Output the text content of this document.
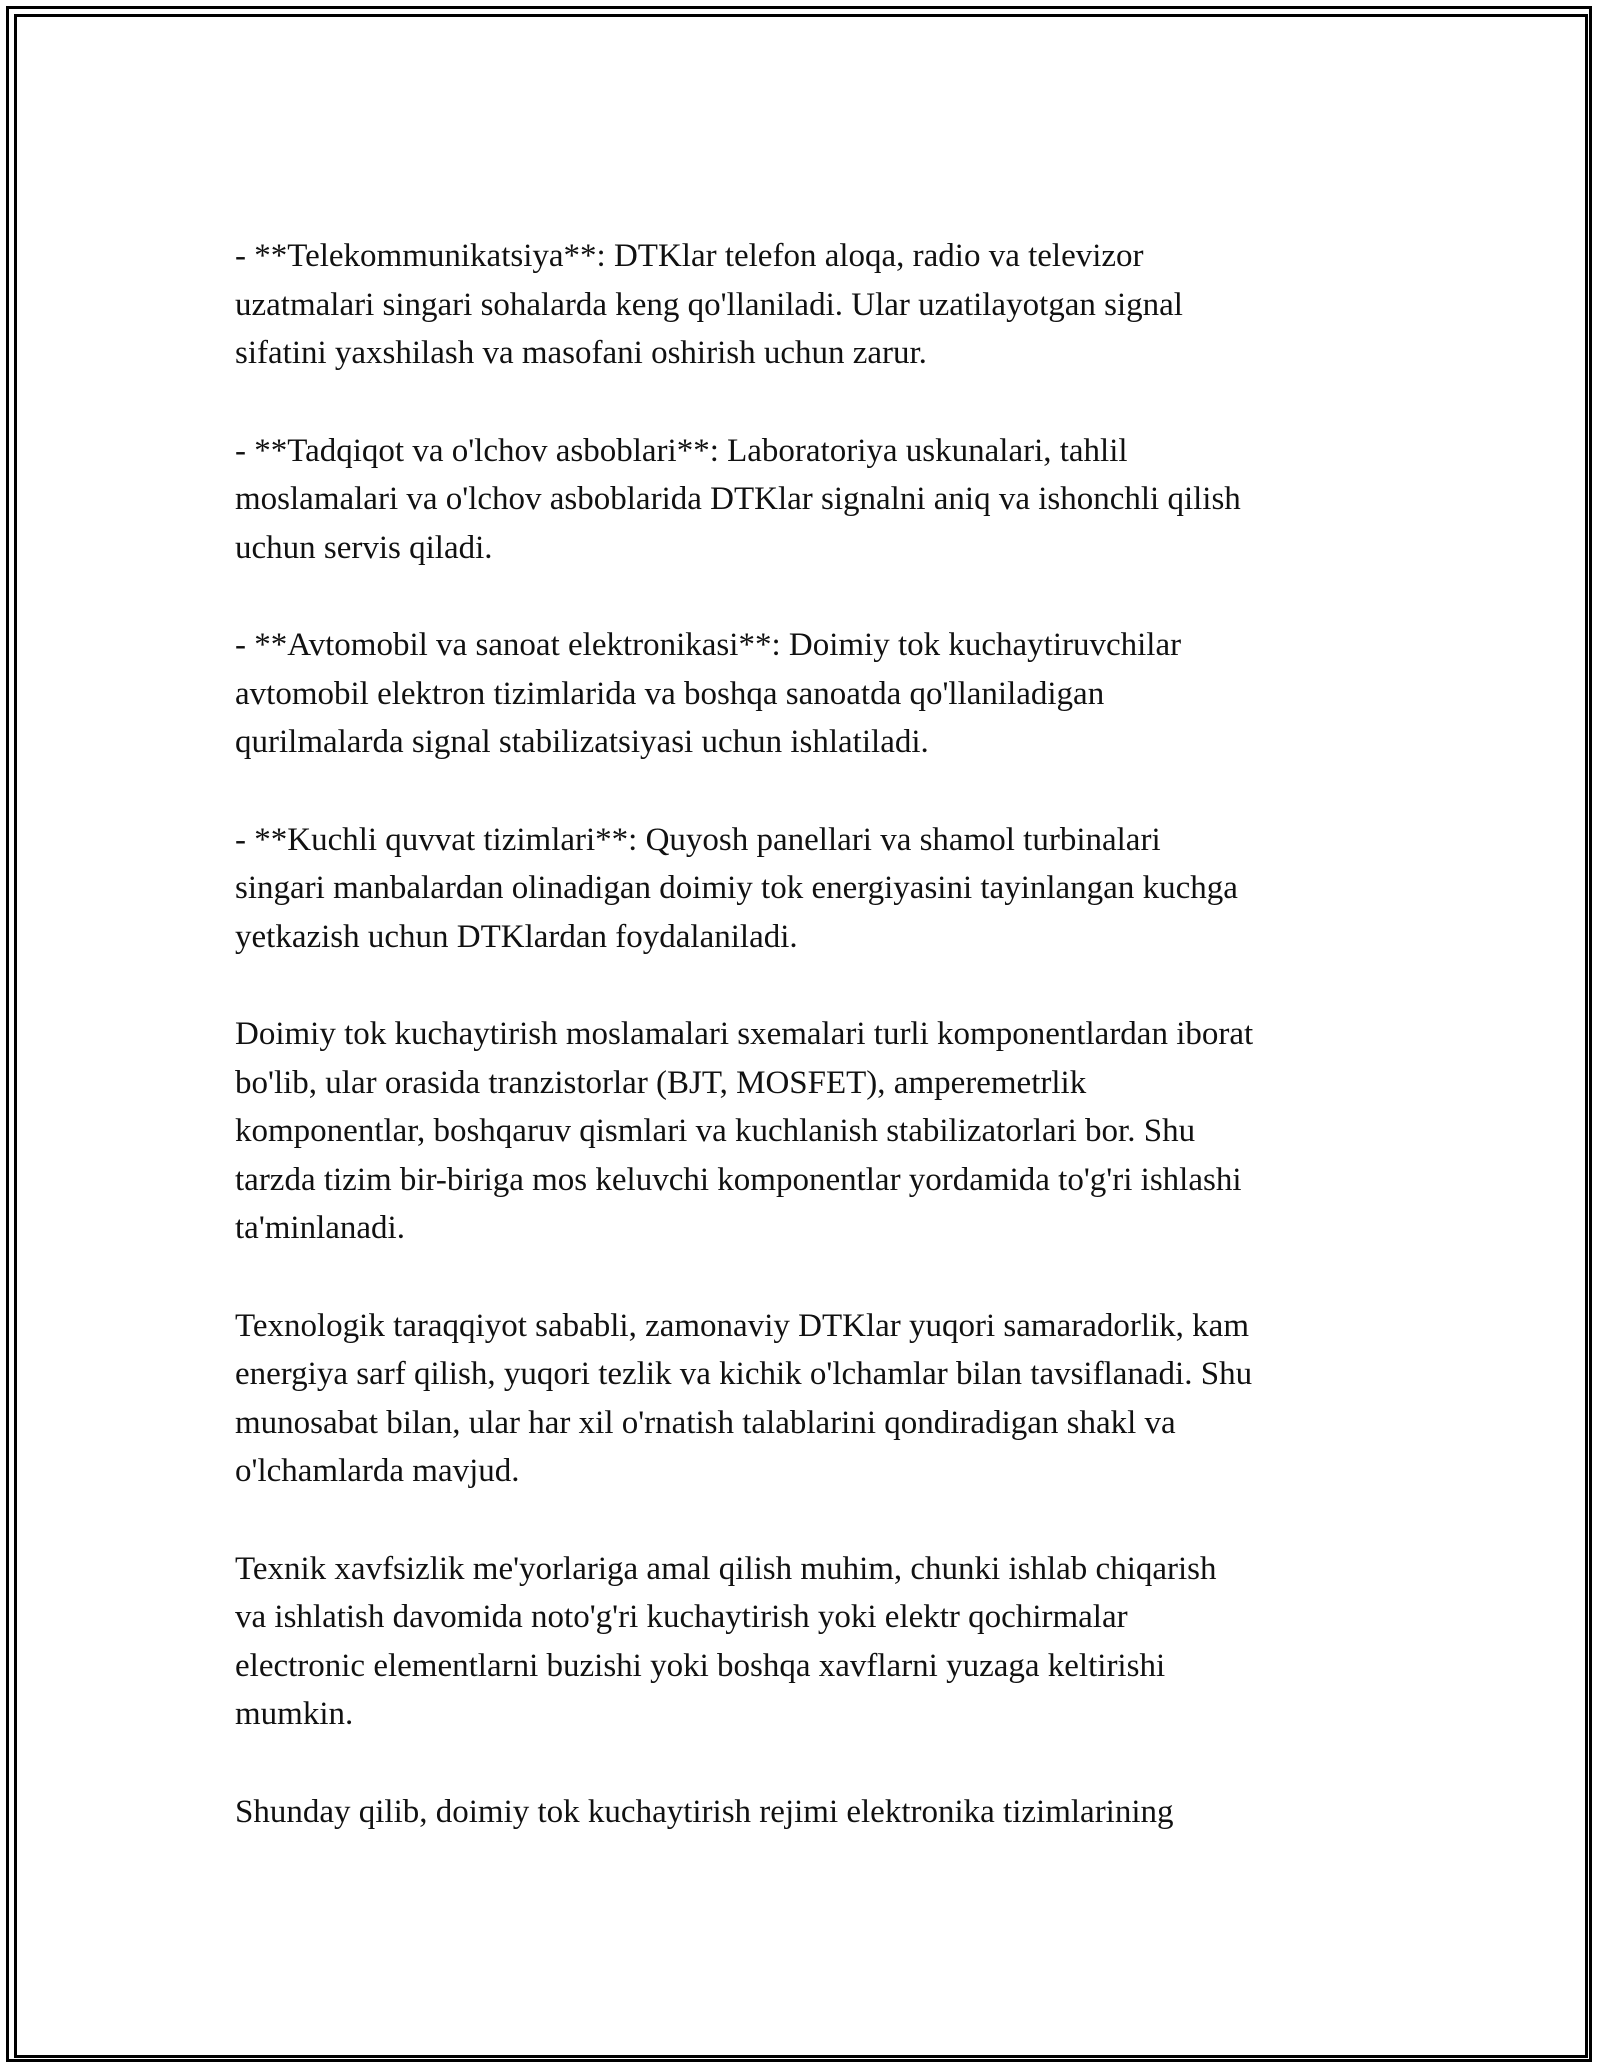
- **Telekommunikatsiya**: DTKlar telefon aloqa, radio va televizor
uzatmalari singari sohalarda keng qo'llaniladi. Ular uzatilayotgan signal
sifatini yaxshilash va masofani oshirish uchun zarur.

- **Tadqiqot va o'lchov asboblari**: Laboratoriya uskunalari, tahlil
moslamalari va o'lchov asboblarida DTKlar signalni aniq va ishonchli qilish
uchun servis qiladi.

- **Avtomobil va sanoat elektronikasi**: Doimiy tok kuchaytiruvchilar
avtomobil elektron tizimlarida va boshqa sanoatda qo'llaniladigan
qurilmalarda signal stabilizatsiyasi uchun ishlatiladi.

- **Kuchli quvvat tizimlari**: Quyosh panellari va shamol turbinalari
singari manbalardan olinadigan doimiy tok energiyasini tayinlangan kuchga
yetkazish uchun DTKlardan foydalaniladi.

Doimiy tok kuchaytirish moslamalari sxemalari turli komponentlardan iborat
bo'lib, ular orasida tranzistorlar (BJT, MOSFET), amperemetrlik
komponentlar, boshqaruv qismlari va kuchlanish stabilizatorlari bor. Shu
tarzda tizim bir-biriga mos keluvchi komponentlar yordamida to'g'ri ishlashi
ta'minlanadi.

Texnologik taraqqiyot sababli, zamonaviy DTKlar yuqori samaradorlik, kam
energiya sarf qilish, yuqori tezlik va kichik o'lchamlar bilan tavsiflanadi. Shu
munosabat bilan, ular har xil o'rnatish talablarini qondiradigan shakl va
o'lchamlarda mavjud.

Texnik xavfsizlik me'yorlariga amal qilish muhim, chunki ishlab chiqarish
va ishlatish davomida noto'g'ri kuchaytirish yoki elektr qochirmalar
electronic elementlarni buzishi yoki boshqa xavflarni yuzaga keltirishi
mumkin.

Shunday qilib, doimiy tok kuchaytirish rejimi elektronika tizimlarining
